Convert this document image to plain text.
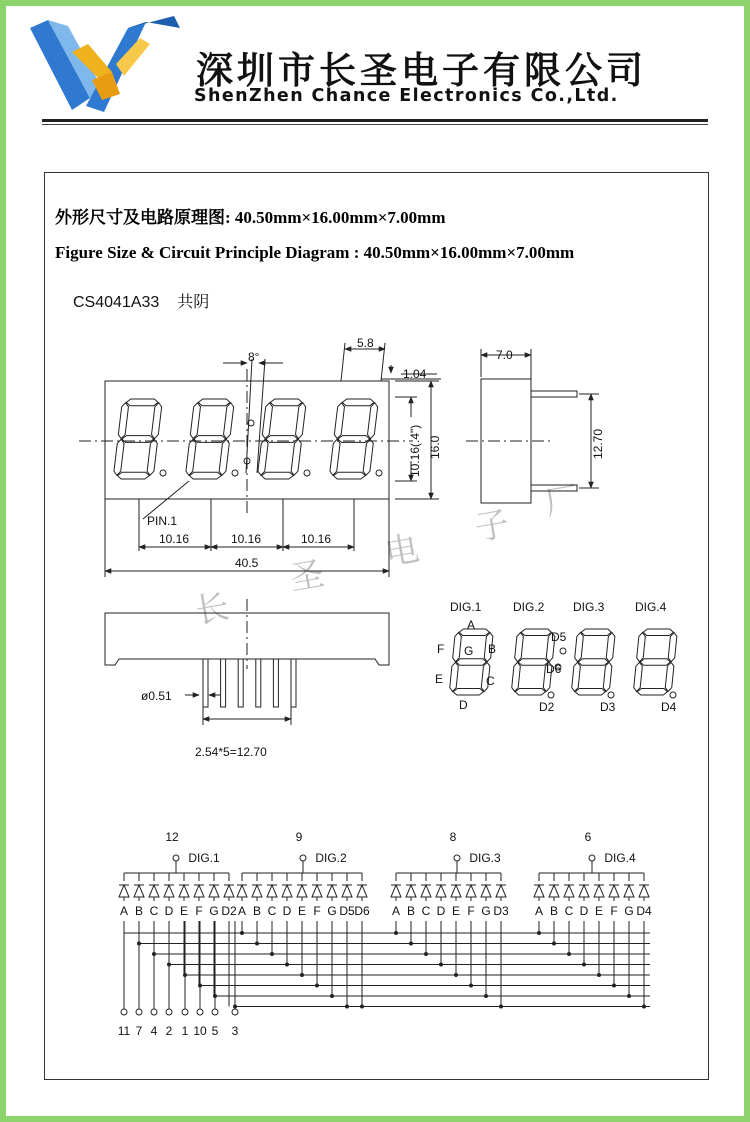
深圳市长圣电子有限公司
ShenZhen Chance Electronics Co.,Ltd.
外形尺寸及电路原理图: 40.50mm×16.00mm×7.00mm
Figure Size & Circuit Principle Diagram : 40.50mm×16.00mm×7.00mm
CS4041A33 共阴
长
圣
电
子
厂
8°
5.8
1.04
10.16(.4") 16.0
PIN.1
10.16	10.16	10.16
40.5
7.0
12.70
ø0.51
2.54*5=12.70
DIG.1	DIG.2 DIG.3	DIG.4
A
B
C
D
E
F G
D2	D3	D4
D5
D6
12
DIG.1
A B C D E F G D2
9
DIG.2
A B C D E F G D5 D6
8
DIG.3
A B C D E F G D3
6
DIG.4
A B C D E F G D4
11 7 4 2 1 10 5 3
